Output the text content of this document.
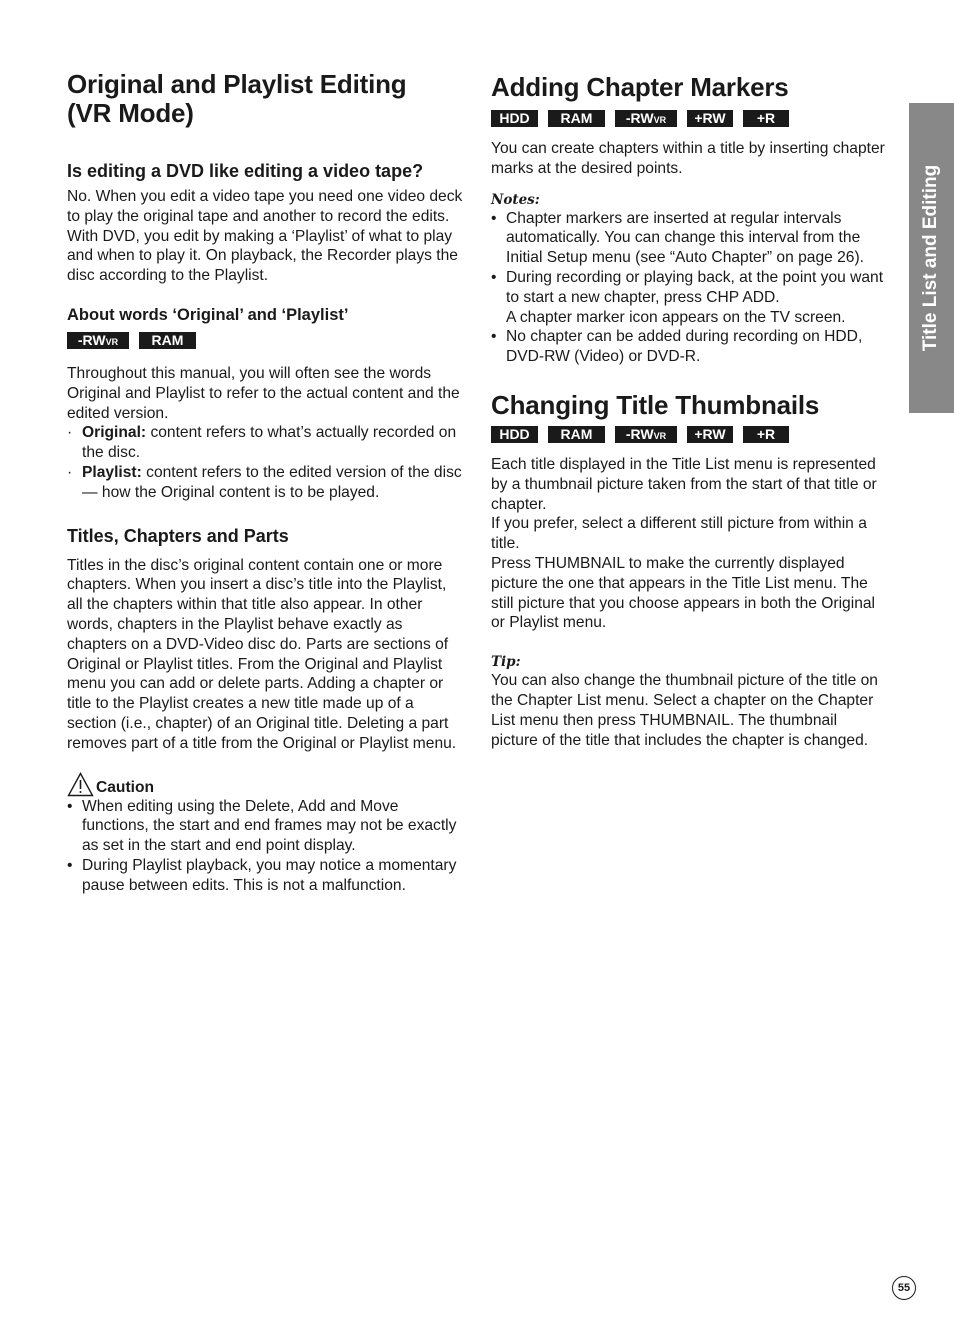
Original and Playlist Editing
(VR Mode)
Is editing a DVD like editing a video tape?

No. When you edit a video tape you need one video deck to play the original tape and another to record the edits. With DVD, you edit by making a ‘Playlist’ of what to play and when to play it. On playback, the Recorder plays the disc according to the Playlist.

About words ‘Original’ and ‘Playlist’
-RWVR	RAM

Throughout this manual, you will often see the words Original and Playlist to refer to the actual content and the edited version.

· Original: content refers to what’s actually recorded on the disc.
· Playlist: content refers to the edited version of the disc — how the Original content is to be played.
Titles, Chapters and Parts

Titles in the disc’s original content contain one or more chapters. When you insert a disc’s title into the Playlist, all the chapters within that title also appear. In other words, chapters in the Playlist behave exactly as chapters on a DVD-Video disc do. Parts are sections of Original or Playlist titles. From the Original and Playlist menu you can add or delete parts. Adding a chapter or title to the Playlist creates a new title made up of a section (i.e., chapter) of an Original title. Deleting a part removes part of a title from the Original or Playlist menu.

Caution
• When editing using the Delete, Add and Move functions, the start and end frames may not be exactly as set in the start and end point display.
• During Playlist playback, you may notice a momentary pause between edits. This is not a malfunction.
Adding Chapter Markers
HDD	RAM	-RWVR	+RW	+R

You can create chapters within a title by inserting chapter marks at the desired points.

Notes:
• Chapter markers are inserted at regular intervals automatically. You can change this interval from the Initial Setup menu (see “Auto Chapter” on page 26).
• During recording or playing back, at the point you want to start a new chapter, press CHP ADD.
A chapter marker icon appears on the TV screen.
• No chapter can be added during recording on HDD, DVD-RW (Video) or DVD-R.
Changing Title Thumbnails
HDD	RAM	-RWVR	+RW	+R

Each title displayed in the Title List menu is represented by a thumbnail picture taken from the start of that title or chapter.

If you prefer, select a different still picture from within a title.

Press THUMBNAIL to make the currently displayed picture the one that appears in the Title List menu. The still picture that you choose appears in both the Original or Playlist menu.

Tip:

You can also change the thumbnail picture of the title on the Chapter List menu. Select a chapter on the Chapter List menu then press THUMBNAIL. The thumbnail picture of the title that includes the chapter is changed.

Title List and Editing
55
